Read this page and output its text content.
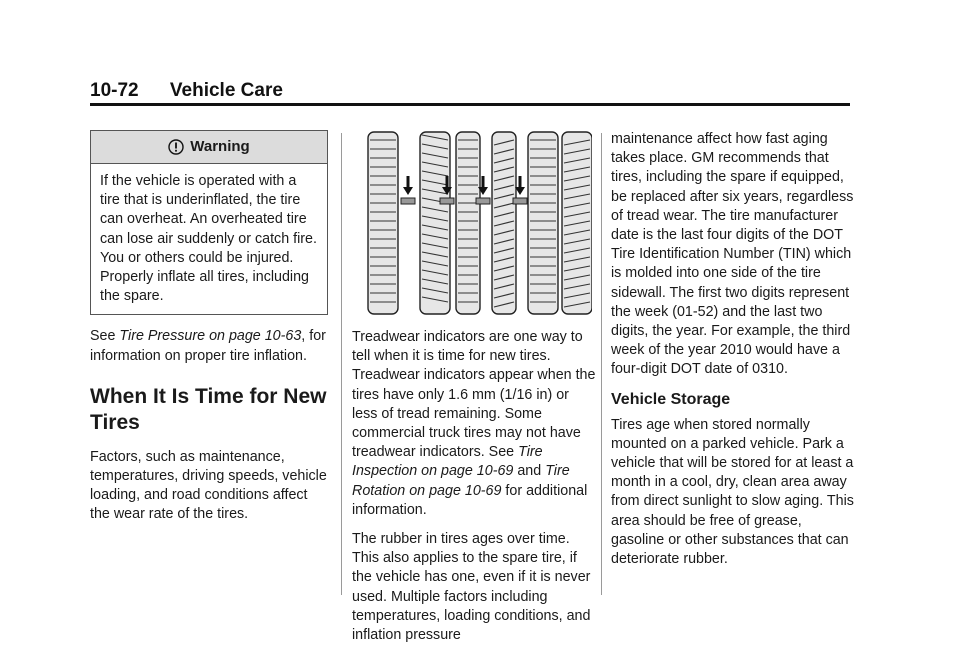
10-72 Vehicle Care
Warning
If the vehicle is operated with a tire that is underinflated, the tire can overheat. An overheated tire can lose air suddenly or catch fire. You or others could be injured. Properly inflate all tires, including the spare.

See Tire Pressure on page 10-63, for information on proper tire inflation.

When It Is Time for New Tires

Factors, such as maintenance, temperatures, driving speeds, vehicle loading, and road conditions affect the wear rate of the tires.

Treadwear indicators are one way to tell when it is time for new tires. Treadwear indicators appear when the tires have only 1.6 mm (1/16 in) or less of tread remaining. Some commercial truck tires may not have treadwear indicators. See Tire Inspection on page 10-69 and Tire Rotation on page 10-69 for additional information.

The rubber in tires ages over time. This also applies to the spare tire, if the vehicle has one, even if it is never used. Multiple factors including temperatures, loading conditions, and inflation pressure

maintenance affect how fast aging takes place. GM recommends that tires, including the spare if equipped, be replaced after six years, regardless of tread wear. The tire manufacturer date is the last four digits of the DOT Tire Identification Number (TIN) which is molded into one side of the tire sidewall. The first two digits represent the week (01-52) and the last two digits, the year. For example, the third week of the year 2010 would have a four-digit DOT date of 0310.

Vehicle Storage

Tires age when stored normally mounted on a parked vehicle. Park a vehicle that will be stored for at least a month in a cool, dry, clean area away from direct sunlight to slow aging. This area should be free of grease, gasoline or other substances that can deteriorate rubber.
